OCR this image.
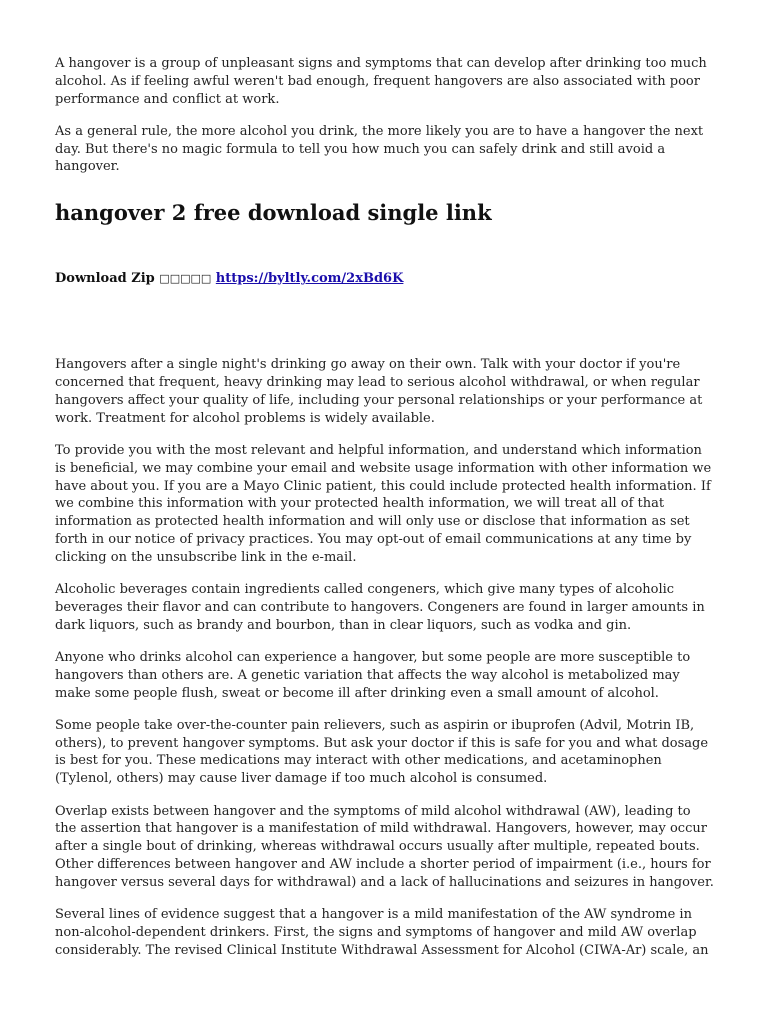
A hangover is a group of unpleasant signs and symptoms that can develop after drinking too much alcohol. As if feeling awful weren't bad enough, frequent hangovers are also associated with poor performance and conflict at work.

As a general rule, the more alcohol you drink, the more likely you are to have a hangover the next day. But there's no magic formula to tell you how much you can safely drink and still avoid a hangover.

hangover 2 free download single link
Download Zip □□□□□ https://byltly.com/2xBd6K

Hangovers after a single night's drinking go away on their own. Talk with your doctor if you're concerned that frequent, heavy drinking may lead to serious alcohol withdrawal, or when regular hangovers affect your quality of life, including your personal relationships or your performance at work. Treatment for alcohol problems is widely available.

To provide you with the most relevant and helpful information, and understand which information is beneficial, we may combine your email and website usage information with other information we have about you. If you are a Mayo Clinic patient, this could include protected health information. If we combine this information with your protected health information, we will treat all of that information as protected health information and will only use or disclose that information as set forth in our notice of privacy practices. You may opt-out of email communications at any time by clicking on the unsubscribe link in the e-mail.

Alcoholic beverages contain ingredients called congeners, which give many types of alcoholic beverages their flavor and can contribute to hangovers. Congeners are found in larger amounts in dark liquors, such as brandy and bourbon, than in clear liquors, such as vodka and gin.

Anyone who drinks alcohol can experience a hangover, but some people are more susceptible to hangovers than others are. A genetic variation that affects the way alcohol is metabolized may make some people flush, sweat or become ill after drinking even a small amount of alcohol.

Some people take over-the-counter pain relievers, such as aspirin or ibuprofen (Advil, Motrin IB, others), to prevent hangover symptoms. But ask your doctor if this is safe for you and what dosage is best for you. These medications may interact with other medications, and acetaminophen (Tylenol, others) may cause liver damage if too much alcohol is consumed.

Overlap exists between hangover and the symptoms of mild alcohol withdrawal (AW), leading to the assertion that hangover is a manifestation of mild withdrawal. Hangovers, however, may occur after a single bout of drinking, whereas withdrawal occurs usually after multiple, repeated bouts. Other differences between hangover and AW include a shorter period of impairment (i.e., hours for hangover versus several days for withdrawal) and a lack of hallucinations and seizures in hangover.

Several lines of evidence suggest that a hangover is a mild manifestation of the AW syndrome in non-alcohol-dependent drinkers. First, the signs and symptoms of hangover and mild AW overlap considerably. The revised Clinical Institute Withdrawal Assessment for Alcohol (CIWA-Ar) scale, an
